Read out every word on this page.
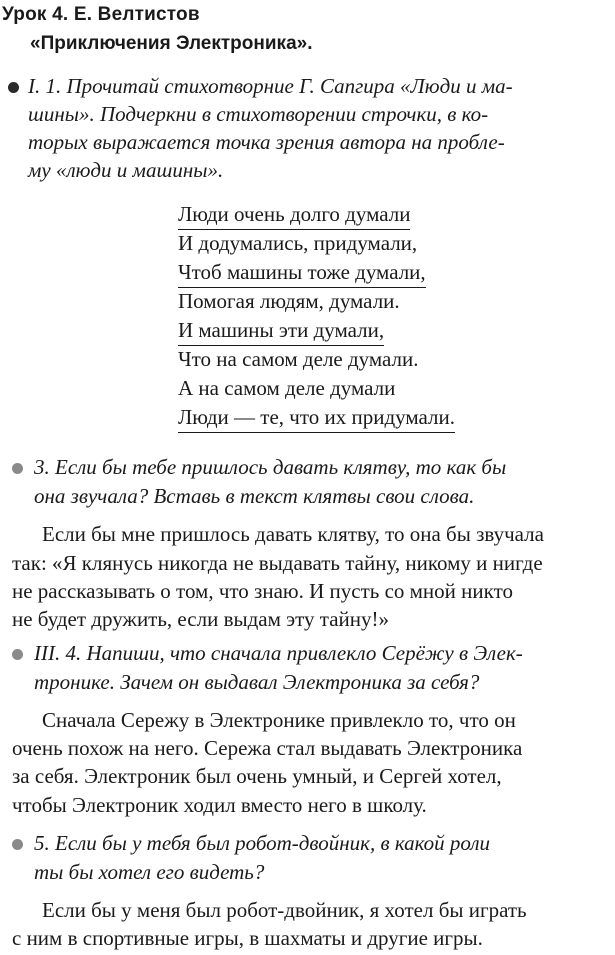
Урок 4. Е. Велтистов
«Приключения Электроника».
I. 1. Прочитай стихотворние Г. Сапгира «Люди и ма-
шины». Подчеркни в стихотворении строчки, в ко-
торых выражается точка зрения автора на пробле-
му «люди и машины».
Люди очень долго думали
И додумались, придумали,
Чтоб машины тоже думали,
Помогая людям, думали.
И машины эти думали,
Что на самом деле думали.
А на самом деле думали
Люди — те, что их придумали.
3. Если бы тебе пришлось давать клятву, то как бы
она звучала? Вставь в текст клятвы свои слова.
Если бы мне пришлось давать клятву, то она бы звучала
так: «Я клянусь никогда не выдавать тайну, никому и нигде
не рассказывать о том, что знаю. И пусть со мной никто
не будет дружить, если выдам эту тайну!»
III. 4. Напиши, что сначала привлекло Серёжу в Элек-
тронике. Зачем он выдавал Электроника за себя?
Сначала Сережу в Электронике привлекло то, что он
очень похож на него. Сережа стал выдавать Электроника
за себя. Электроник был очень умный, и Сергей хотел,
чтобы Электроник ходил вместо него в школу.
5. Если бы у тебя был робот-двойник, в какой роли
ты бы хотел его видеть?
Если бы у меня был робот-двойник, я хотел бы играть
с ним в спортивные игры, в шахматы и другие игры.
